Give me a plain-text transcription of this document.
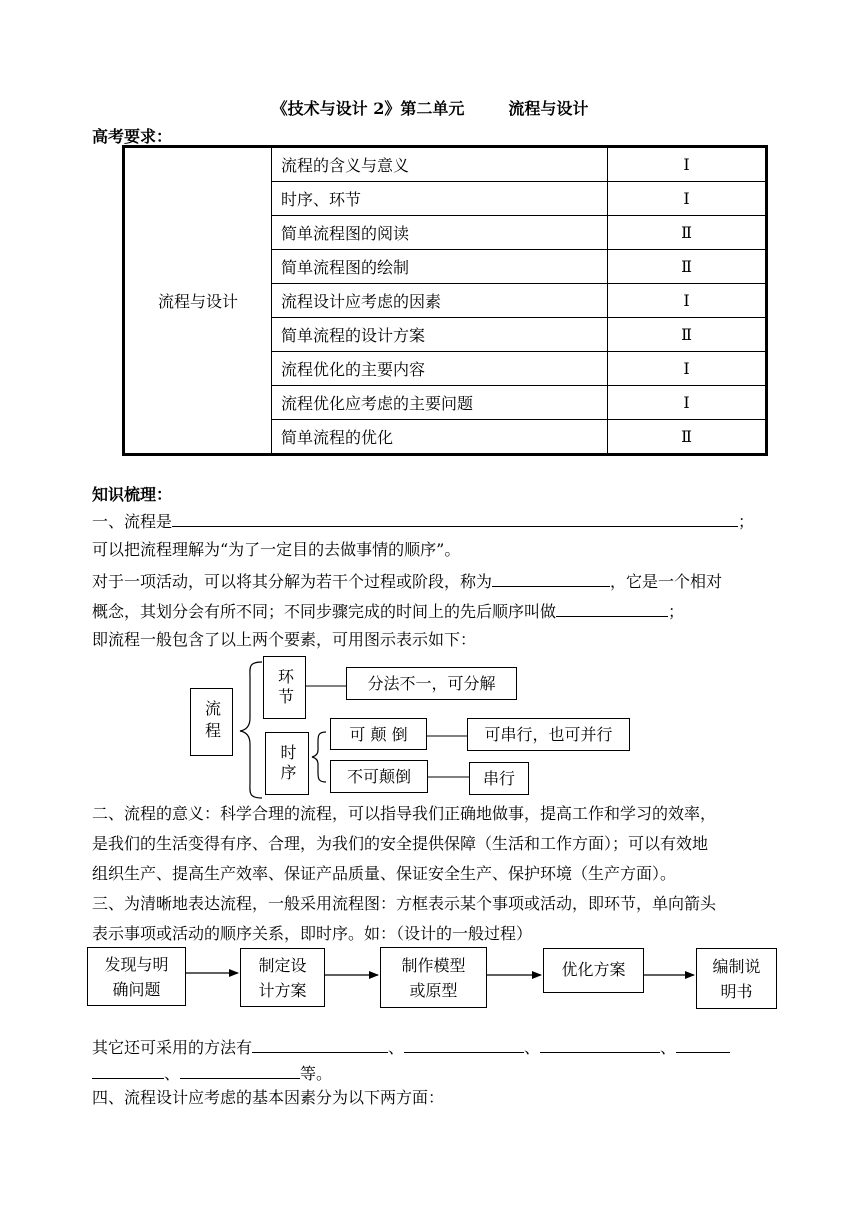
《技术与设计 2》第二单元	流程与设计
高考要求：
流程与设计	流程的含义与意义	Ⅰ
	时序、环节	Ⅰ
	简单流程图的阅读	Ⅱ
	简单流程图的绘制	Ⅱ
	流程设计应考虑的因素	Ⅰ
	简单流程的设计方案	Ⅱ
	流程优化的主要内容	Ⅰ
	流程优化应考虑的主要问题	Ⅰ
	简单流程的优化	Ⅱ
知识梳理：
一、流程是	；
可以把流程理解为“为了一定目的去做事情的顺序”。
对于一项活动，可以将其分解为若干个过程或阶段，称为	，它是一个相对
概念，其划分会有所不同；不同步骤完成的时间上的先后顺序叫做	；
即流程一般包含了以上两个要素，可用图示表示如下：
流程
环节	分法不一，可分解
时序
可 颠 倒	可串行，也可并行
不可颠倒	串行
二、流程的意义：科学合理的流程，可以指导我们正确地做事，提高工作和学习的效率，
是我们的生活变得有序、合理，为我们的安全提供保障（生活和工作方面）；可以有效地
组织生产、提高生产效率、保证产品质量、保证安全生产、保护环境（生产方面）。
三、为清晰地表达流程，一般采用流程图：方框表示某个事项或活动，即环节，单向箭头
表示事项或活动的顺序关系，即时序。如：（设计的一般过程）
发现与明
确问题
制定设
计方案
制作模型
或原型
优化方案	编制说
明书
其它还可采用的方法有	、	、	、
、	等。
四、流程设计应考虑的基本因素分为以下两方面：
